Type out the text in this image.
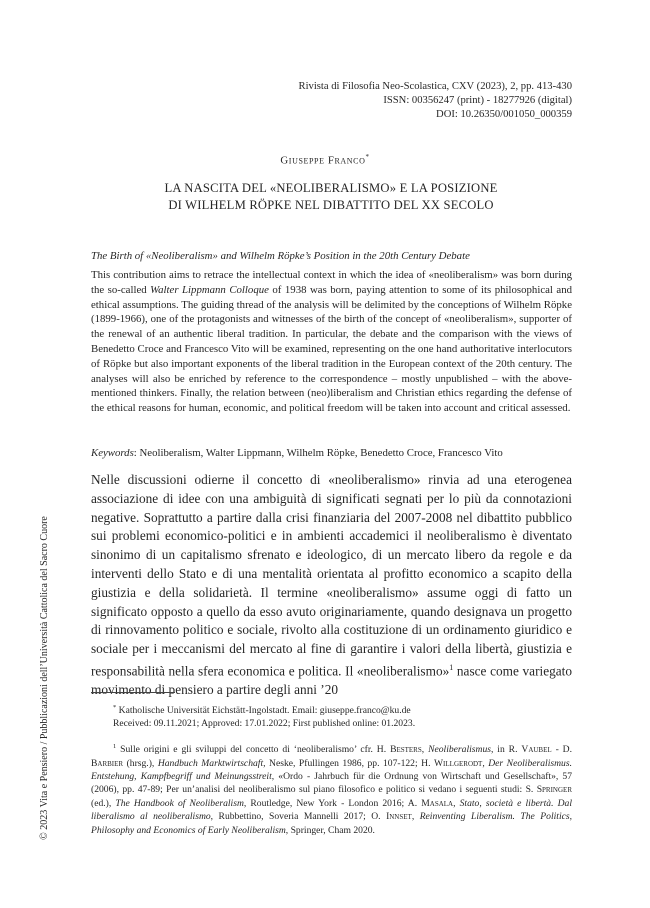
Rivista di Filosofia Neo-Scolastica, CXV (2023), 2, pp. 413-430
ISSN: 00356247 (print) - 18277926 (digital)
DOI: 10.26350/001050_000359
Giuseppe Franco*
LA NASCITA DEL «NEOLIBERALISMO» E LA POSIZIONE
DI WILHELM RÖPKE NEL DIBATTITO DEL XX SECOLO
The Birth of «Neoliberalism» and Wilhelm Röpke’s Position in the 20th Century Debate
This contribution aims to retrace the intellectual context in which the idea of «neoliberalism» was born during the so-called Walter Lippmann Colloque of 1938 was born, paying attention to some of its philosophical and ethical assumptions. The guiding thread of the analysis will be delimited by the conceptions of Wilhelm Röpke (1899-1966), one of the protagonists and witnesses of the birth of the concept of «neoliberalism», supporter of the renewal of an authentic liberal tradition. In particular, the debate and the comparison with the views of Benedetto Croce and Francesco Vito will be examined, representing on the one hand authoritative interlocutors of Röpke but also important exponents of the liberal tradition in the European context of the 20th century. The analyses will also be enriched by reference to the correspondence – mostly unpublished – with the above-mentioned thinkers. Finally, the relation between (neo)liberalism and Christian ethics regarding the defense of the ethical reasons for human, economic, and political freedom will be taken into account and critical assessed.
Keywords: Neoliberalism, Walter Lippmann, Wilhelm Röpke, Benedetto Croce, Francesco Vito
Nelle discussioni odierne il concetto di «neoliberalismo» rinvia ad una eterogenea associazione di idee con una ambiguità di significati segnati per lo più da connotazioni negative. Soprattutto a partire dalla crisi finanziaria del 2007-2008 nel dibattito pubblico sui problemi economico-politici e in ambienti accademici il neoliberalismo è diventato sinonimo di un capitalismo sfrenato e ideologico, di un mercato libero da regole e da interventi dello Stato e di una mentalità orientata al profitto economico a scapito della giustizia e della solidarietà. Il termine «neoliberalismo» assume oggi di fatto un significato opposto a quello da esso avuto originariamente, quando designava un progetto di rinnovamento politico e sociale, rivolto alla costituzione di un ordinamento giuridico e sociale per i meccanismi del mercato al fine di garantire i valori della libertà, giustizia e responsabilità nella sfera economica e politica. Il «neoliberalismo»$^1$ nasce come variegato movimento di pensiero a partire degli anni ’20
* Katholische Universität Eichstätt-Ingolstadt. Email: giuseppe.franco@ku.de
Received: 09.11.2021; Approved: 17.01.2022; First published online: 01.2023.
$^1$ Sulle origini e gli sviluppi del concetto di ‘neoliberalismo’ cfr. H. Besters, Neoliberalismus, in R. Vaubel - D. Barbier (hrsg.), Handbuch Marktwirtschaft, Neske, Pfullingen 1986, pp. 107-122; H. Willgerodt, Der Neoliberalismus. Entstehung, Kampfbegriff und Meinungsstreit, «Ordo - Jahrbuch für die Ordnung von Wirtschaft und Gesellschaft», 57 (2006), pp. 47-89; Per un’analisi del neoliberalismo sul piano filosofico e politico si vedano i seguenti studi: S. Springer (ed.), The Handbook of Neoliberalism, Routledge, New York - London 2016; A. Masala, Stato, società e libertà. Dal liberalismo al neoliberalismo, Rubbettino, Soveria Mannelli 2017; O. Innset, Reinventing Liberalism. The Politics, Philosophy and Economics of Early Neoliberalism, Springer, Cham 2020.
© 2023 Vita e Pensiero / Pubblicazioni dell’Università Cattolica del Sacro Cuore
